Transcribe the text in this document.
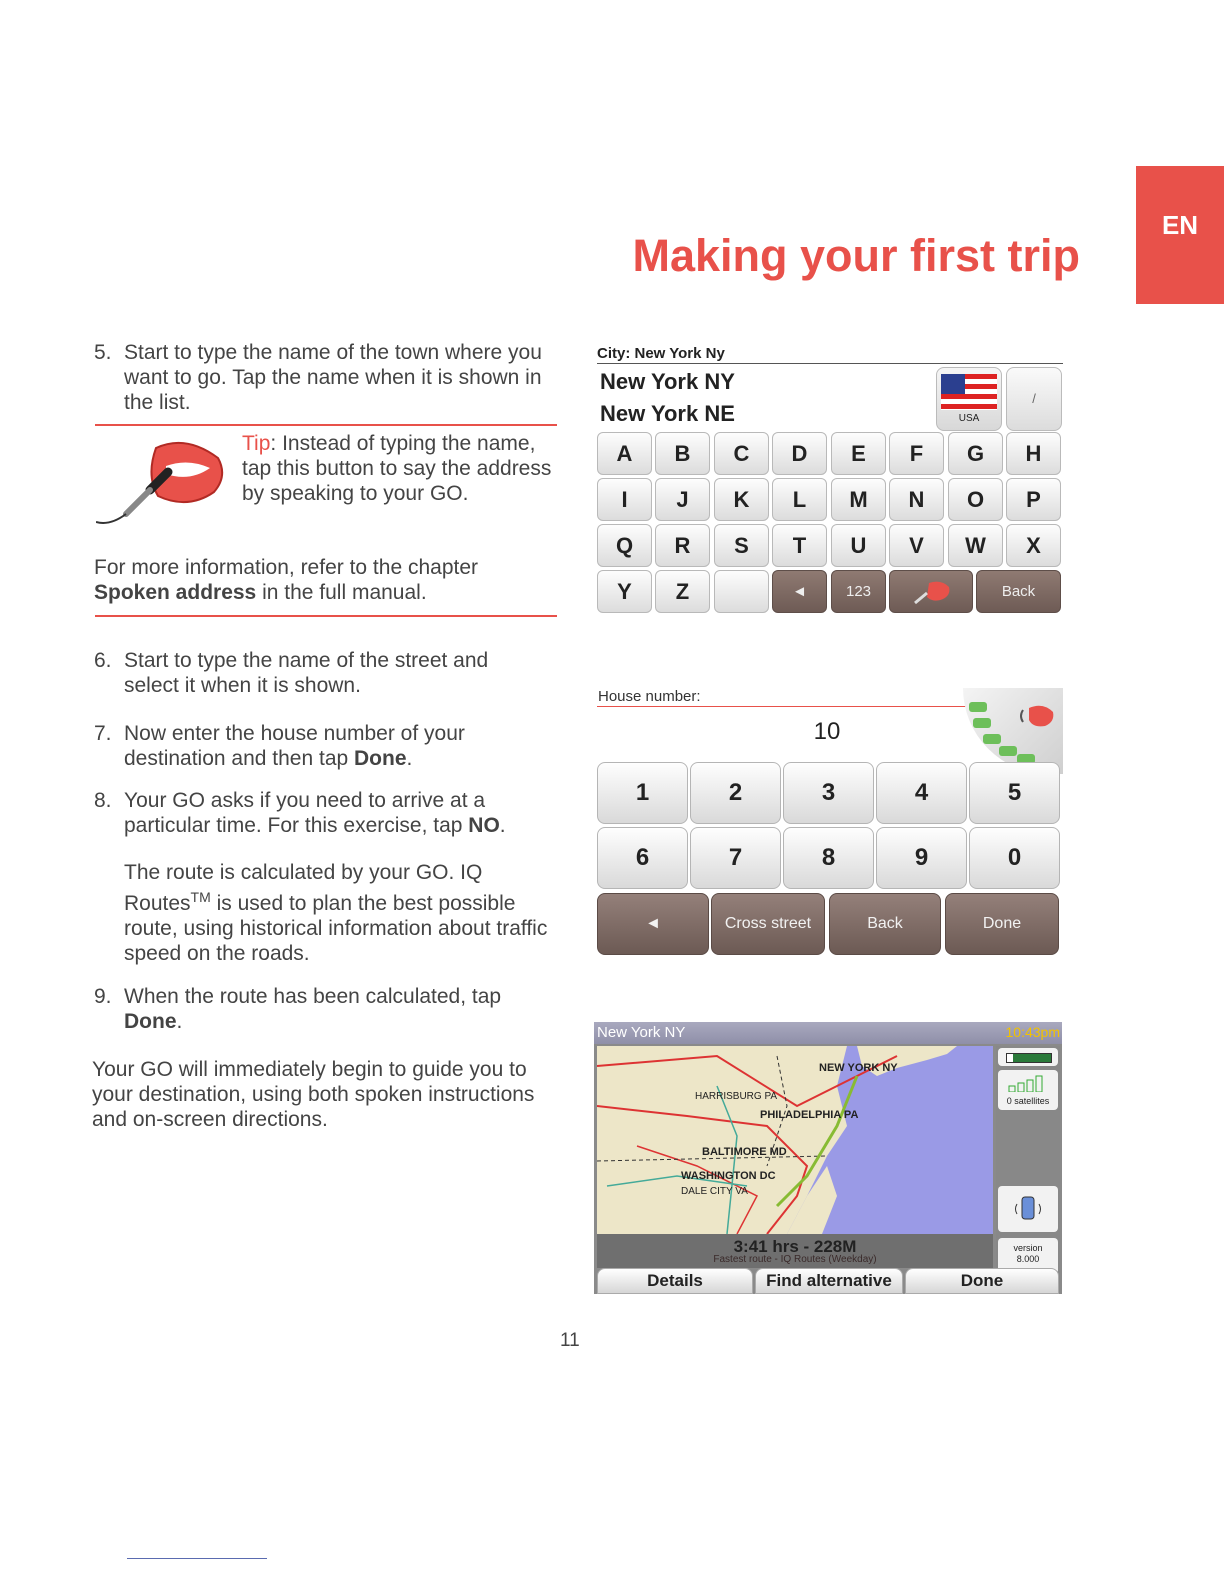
EN
Making your first trip
5. Start to type the name of the town where you want to go. Tap the name when it is shown in the list.
Tip: Instead of typing the name, tap this button to say the address by speaking to your GO.
For more information, refer to the chapter
Spoken address in the full manual.
6. Start to type the name of the street and select it when it is shown.
7. Now enter the house number of your destination and then tap Done.
8. Your GO asks if you need to arrive at a particular time. For this exercise, tap NO.
The route is calculated by your GO. IQ Routes™ is used to plan the best possible route, using historical information about traffic speed on the roads.
9. When the route has been calculated, tap Done.
Your GO will immediately begin to guide you to your destination, using both spoken instructions and on-screen directions.
City: New York Ny
New York NY
New York NE	USA
/
A	B	C	D	E	F	G	H
I	J	K	L	M	N	O	P
Q	R	S	T	U	V	W	X
Y	Z	◄	123	Back
House number:
10
1	2	3	4	5
6	7	8	9	0
◄	Cross street	Back	Done
New York NY	10:43pm
NEW YORK NY
HARRISBURG PA
PHILADELPHIA PA
BALTIMORE MD
WASHINGTON DC
DALE CITY VA
0 satellites
version
8.000
3:41 hrs - 228M
Fastest route - IQ Routes (Weekday)
Details	Find alternative	Done
11
